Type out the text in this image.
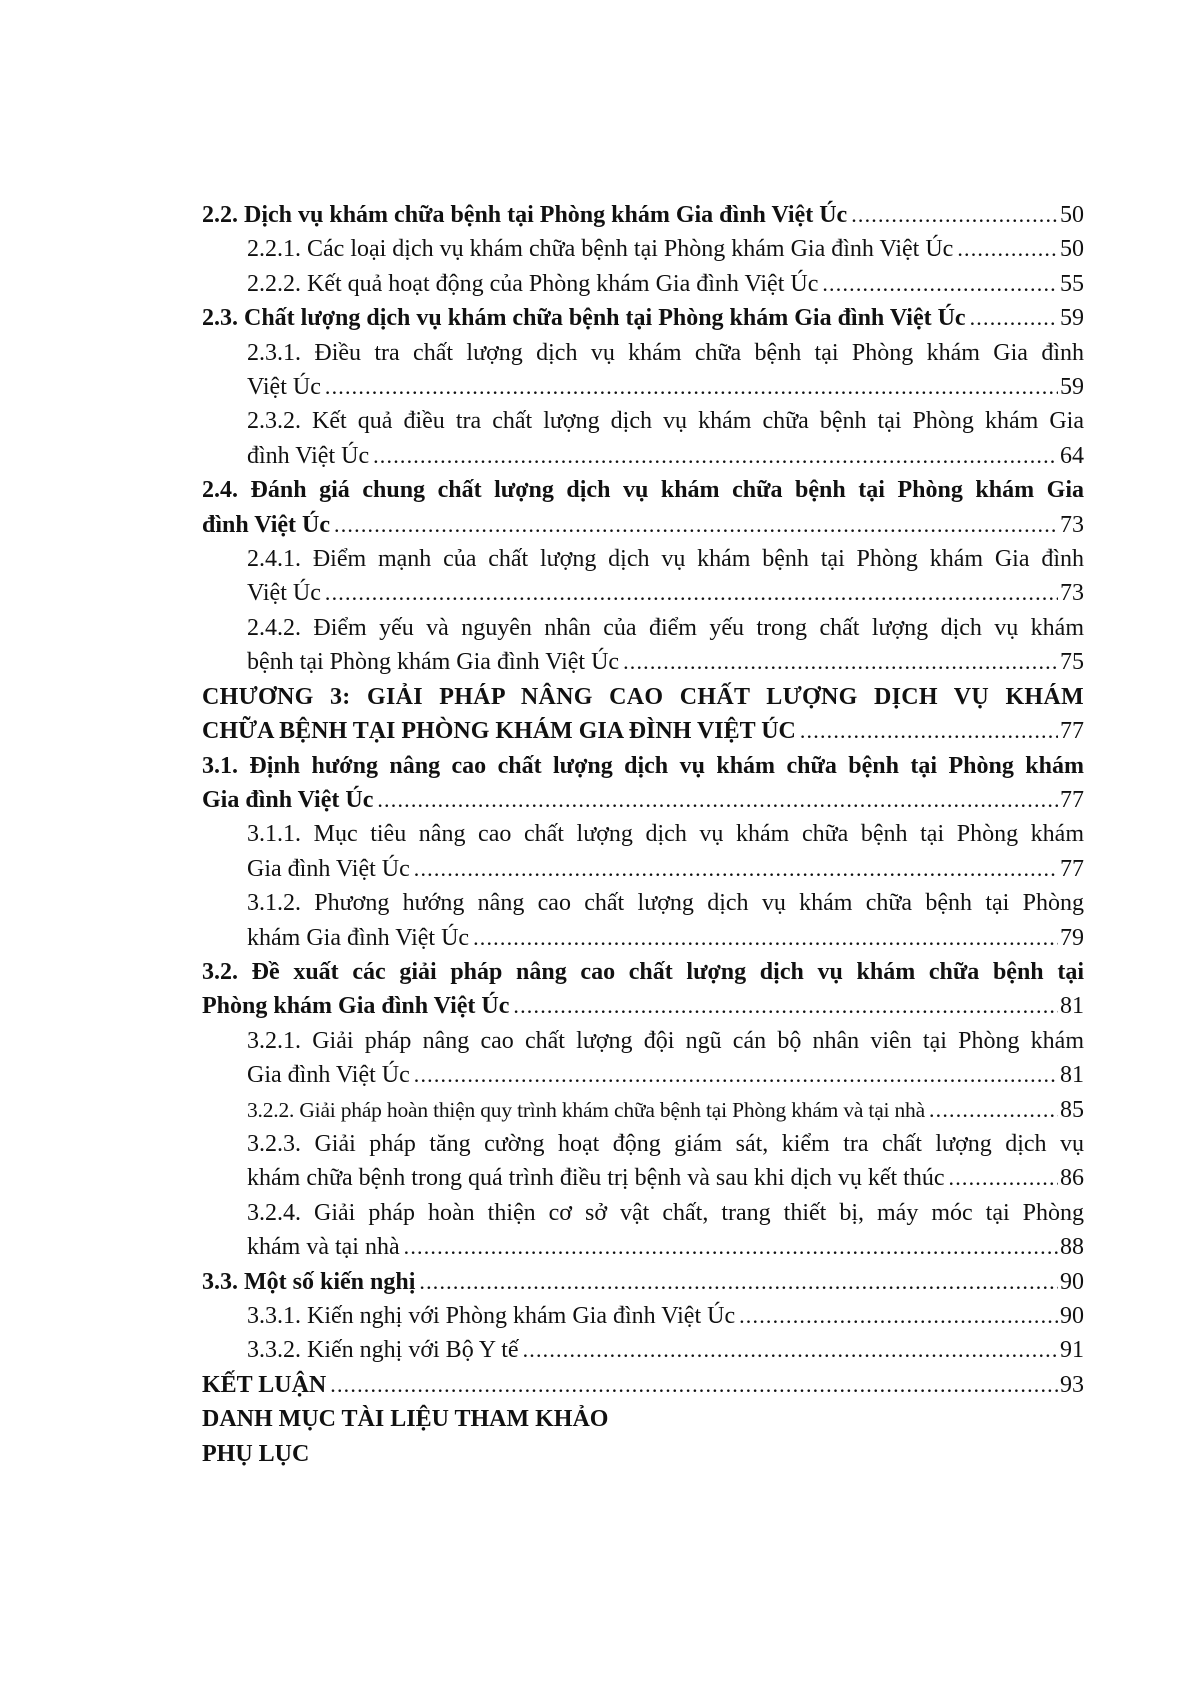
2.2. Dịch vụ khám chữa bệnh tại Phòng khám Gia đình Việt Úc .....	50
2.2.1. Các loại dịch vụ khám chữa bệnh tại Phòng khám Gia đình Việt Úc .....	50
2.2.2. Kết quả hoạt động của Phòng khám Gia đình Việt Úc .....	55
2.3. Chất lượng dịch vụ khám chữa bệnh tại Phòng khám Gia đình Việt Úc .....	59
2.3.1. Điều tra chất lượng dịch vụ khám chữa bệnh tại Phòng khám Gia đình
Việt Úc .....	59
2.3.2. Kết quả điều tra chất lượng dịch vụ khám chữa bệnh tại Phòng khám Gia
đình Việt Úc .....	64
2.4. Đánh giá chung chất lượng dịch vụ khám chữa bệnh tại Phòng khám Gia
đình Việt Úc .....	73
2.4.1. Điểm mạnh của chất lượng dịch vụ khám bệnh tại Phòng khám Gia đình
Việt Úc .....	73
2.4.2. Điểm yếu và nguyên nhân của điểm yếu trong chất lượng dịch vụ khám
bệnh tại Phòng khám Gia đình Việt Úc .....	75
CHƯƠNG 3: GIẢI PHÁP NÂNG CAO CHẤT LƯỢNG DỊCH VỤ KHÁM
CHỮA BỆNH TẠI PHÒNG KHÁM GIA ĐÌNH VIỆT ÚC .....	77
3.1. Định hướng nâng cao chất lượng dịch vụ khám chữa bệnh tại Phòng khám
Gia đình Việt Úc .....	77
3.1.1. Mục tiêu nâng cao chất lượng dịch vụ khám chữa bệnh tại Phòng khám
Gia đình Việt Úc .....	77
3.1.2. Phương hướng nâng cao chất lượng dịch vụ khám chữa bệnh tại Phòng
khám Gia đình Việt Úc .....	79
3.2. Đề xuất các giải pháp nâng cao chất lượng dịch vụ khám chữa bệnh tại
Phòng khám Gia đình Việt Úc .....	81
3.2.1. Giải pháp nâng cao chất lượng đội ngũ cán bộ nhân viên tại Phòng khám
Gia đình Việt Úc .....	81
3.2.2. Giải pháp hoàn thiện quy trình khám chữa bệnh tại Phòng khám và tại nhà .....	85
3.2.3. Giải pháp tăng cường hoạt động giám sát, kiểm tra chất lượng dịch vụ
khám chữa bệnh trong quá trình điều trị bệnh và sau khi dịch vụ kết thúc .....	86
3.2.4. Giải pháp hoàn thiện cơ sở vật chất, trang thiết bị, máy móc tại Phòng
khám và tại nhà .....	88
3.3. Một số kiến nghị .....	90
3.3.1. Kiến nghị với Phòng khám Gia đình Việt Úc .....	90
3.3.2. Kiến nghị với Bộ Y tế .....	91
KẾT LUẬN .....	93
DANH MỤC TÀI LIỆU THAM KHẢO
PHỤ LỤC
